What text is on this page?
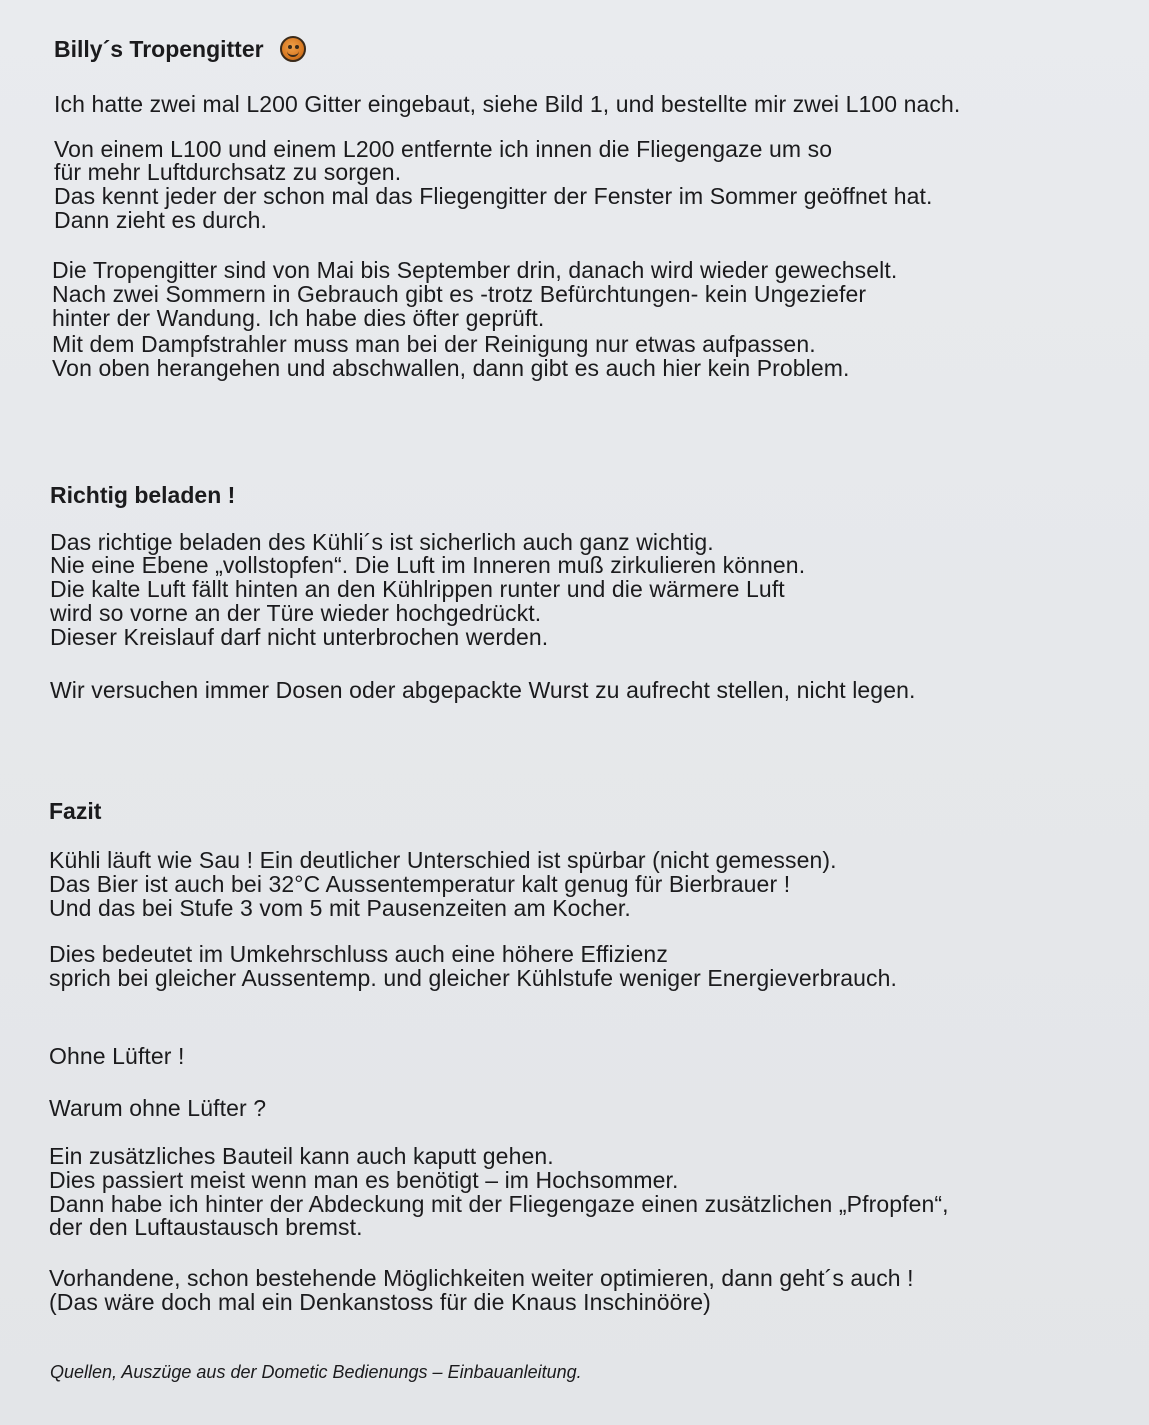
Billy´s Tropengitter
Ich hatte zwei mal L200 Gitter eingebaut, siehe Bild 1, und bestellte mir zwei L100 nach.
Von einem L100 und einem L200 entfernte ich innen die Fliegengaze um so
für mehr Luftdurchsatz zu sorgen.
Das kennt jeder der schon mal das Fliegengitter der Fenster im Sommer geöffnet hat.
Dann zieht es durch.
Die Tropengitter sind von Mai bis September drin, danach wird wieder gewechselt.
Nach zwei Sommern in Gebrauch gibt es -trotz Befürchtungen- kein Ungeziefer
hinter der Wandung. Ich habe dies öfter geprüft.
Mit dem Dampfstrahler muss man bei der Reinigung nur etwas aufpassen.
Von oben herangehen und abschwallen, dann gibt es auch hier kein Problem.
Richtig beladen !
Das richtige beladen des Kühli´s ist sicherlich auch ganz wichtig.
Nie eine Ebene „vollstopfen“. Die Luft im Inneren muß zirkulieren können.
Die kalte Luft fällt hinten an den Kühlrippen runter und die wärmere Luft
wird so vorne an der Türe wieder hochgedrückt.
Dieser Kreislauf darf nicht unterbrochen werden.
Wir versuchen immer Dosen oder abgepackte Wurst zu aufrecht stellen, nicht legen.
Fazit
Kühli läuft wie Sau ! Ein deutlicher Unterschied ist spürbar (nicht gemessen).
Das Bier ist auch bei 32°C Aussentemperatur kalt genug für Bierbrauer !
Und das bei Stufe 3 vom 5 mit Pausenzeiten am Kocher.
Dies bedeutet im Umkehrschluss auch eine höhere Effizienz
sprich bei gleicher Aussentemp. und gleicher Kühlstufe weniger Energieverbrauch.
Ohne Lüfter !
Warum ohne Lüfter ?
Ein zusätzliches Bauteil kann auch kaputt gehen.
Dies passiert meist wenn man es benötigt – im Hochsommer.
Dann habe ich hinter der Abdeckung mit der Fliegengaze einen zusätzlichen „Pfropfen“,
der den Luftaustausch bremst.
Vorhandene, schon bestehende Möglichkeiten weiter optimieren, dann geht´s auch !
(Das wäre doch mal ein Denkanstoss für die Knaus Inschinööre)
Quellen, Auszüge aus der Dometic Bedienungs – Einbauanleitung.
